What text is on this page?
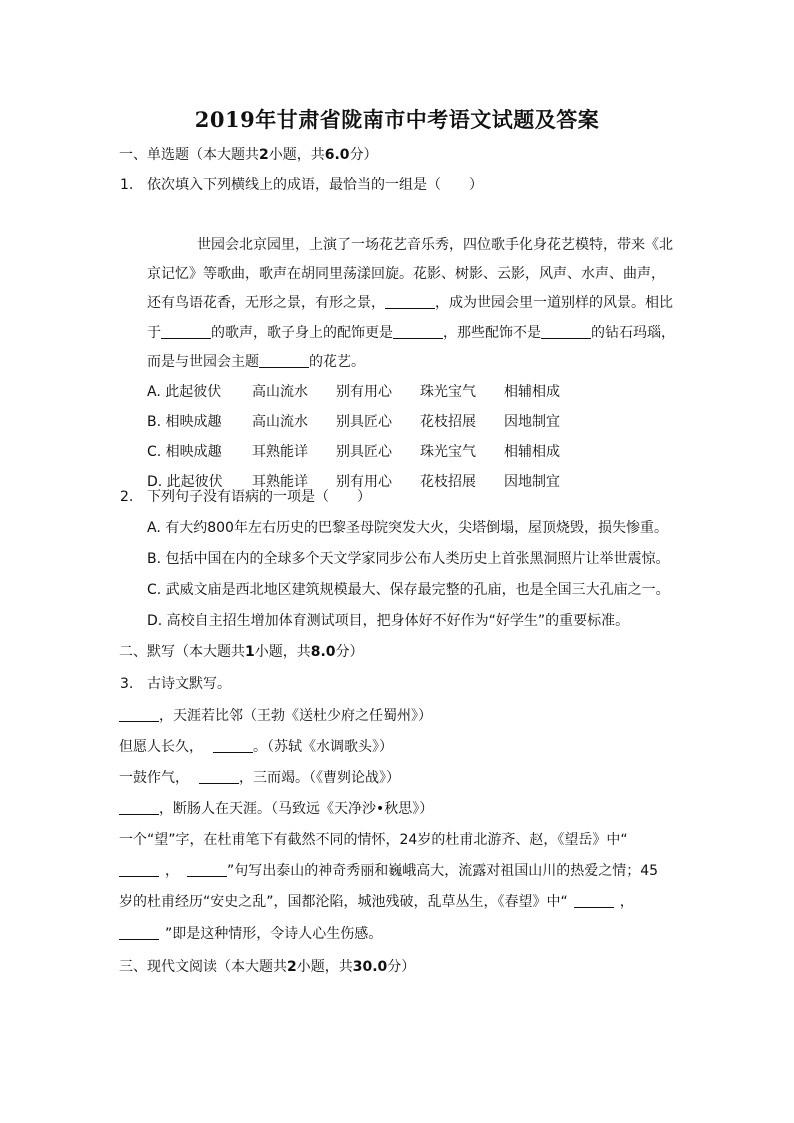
2019年甘肃省陇南市中考语文试题及答案
一、单选题（本大题共2小题，共6.0分）
1. 依次填入下列横线上的成语，最恰当的一组是（　　）
世园会北京园里，上演了一场花艺音乐秀，四位歌手化身花艺模特，带来《北
京记忆》等歌曲，歌声在胡同里荡漾回旋。花影、树影、云影，风声、水声、曲声，
还有鸟语花香，无形之景，有形之景，	，成为世园会里一道别样的风景。相比
于	的歌声，歌子身上的配饰更是	，那些配饰不是	的钻石玛瑙，
而是与世园会主题	的花艺。
A. 此起彼伏 高山流水 别有用心 珠光宝气 相辅相成
B. 相映成趣 高山流水 别具匠心 花枝招展 因地制宜
C. 相映成趣 耳熟能详 别具匠心 珠光宝气 相辅相成
D. 此起彼伏 耳熟能详 别有用心 花枝招展 因地制宜
2. 下列句子没有语病的一项是（　　）
A. 有大约800年左右历史的巴黎圣母院突发大火，尖塔倒塌，屋顶烧毁，损失惨重。
B. 包括中国在内的全球多个天文学家同步公布人类历史上首张黑洞照片让举世震惊。
C. 武威文庙是西北地区建筑规模最大、保存最完整的孔庙，也是全国三大孔庙之一。
D. 高校自主招生增加体育测试项目，把身体好不好作为“好学生”的重要标准。
二、默写（本大题共1小题，共8.0分）
3. 古诗文默写。
，天涯若比邻（王勃《送杜少府之任蜀州》）
但愿人长久，	。（苏轼《水调歌头》）
一鼓作气，	，三而竭。（《曹刿论战》）
，断肠人在天涯。（马致远《天净沙•秋思》）
一个“望”字，在杜甫笔下有截然不同的情怀，24岁的杜甫北游齐、赵，《望岳》中“
，	”句写出泰山的神奇秀丽和巍峨高大，流露对祖国山川的热爱之情；45
岁的杜甫经历“安史之乱”，国都沦陷，城池残破，乱草丛生，《春望》中“	，
”即是这种情形，令诗人心生伤感。
三、现代文阅读（本大题共2小题，共30.0分）
